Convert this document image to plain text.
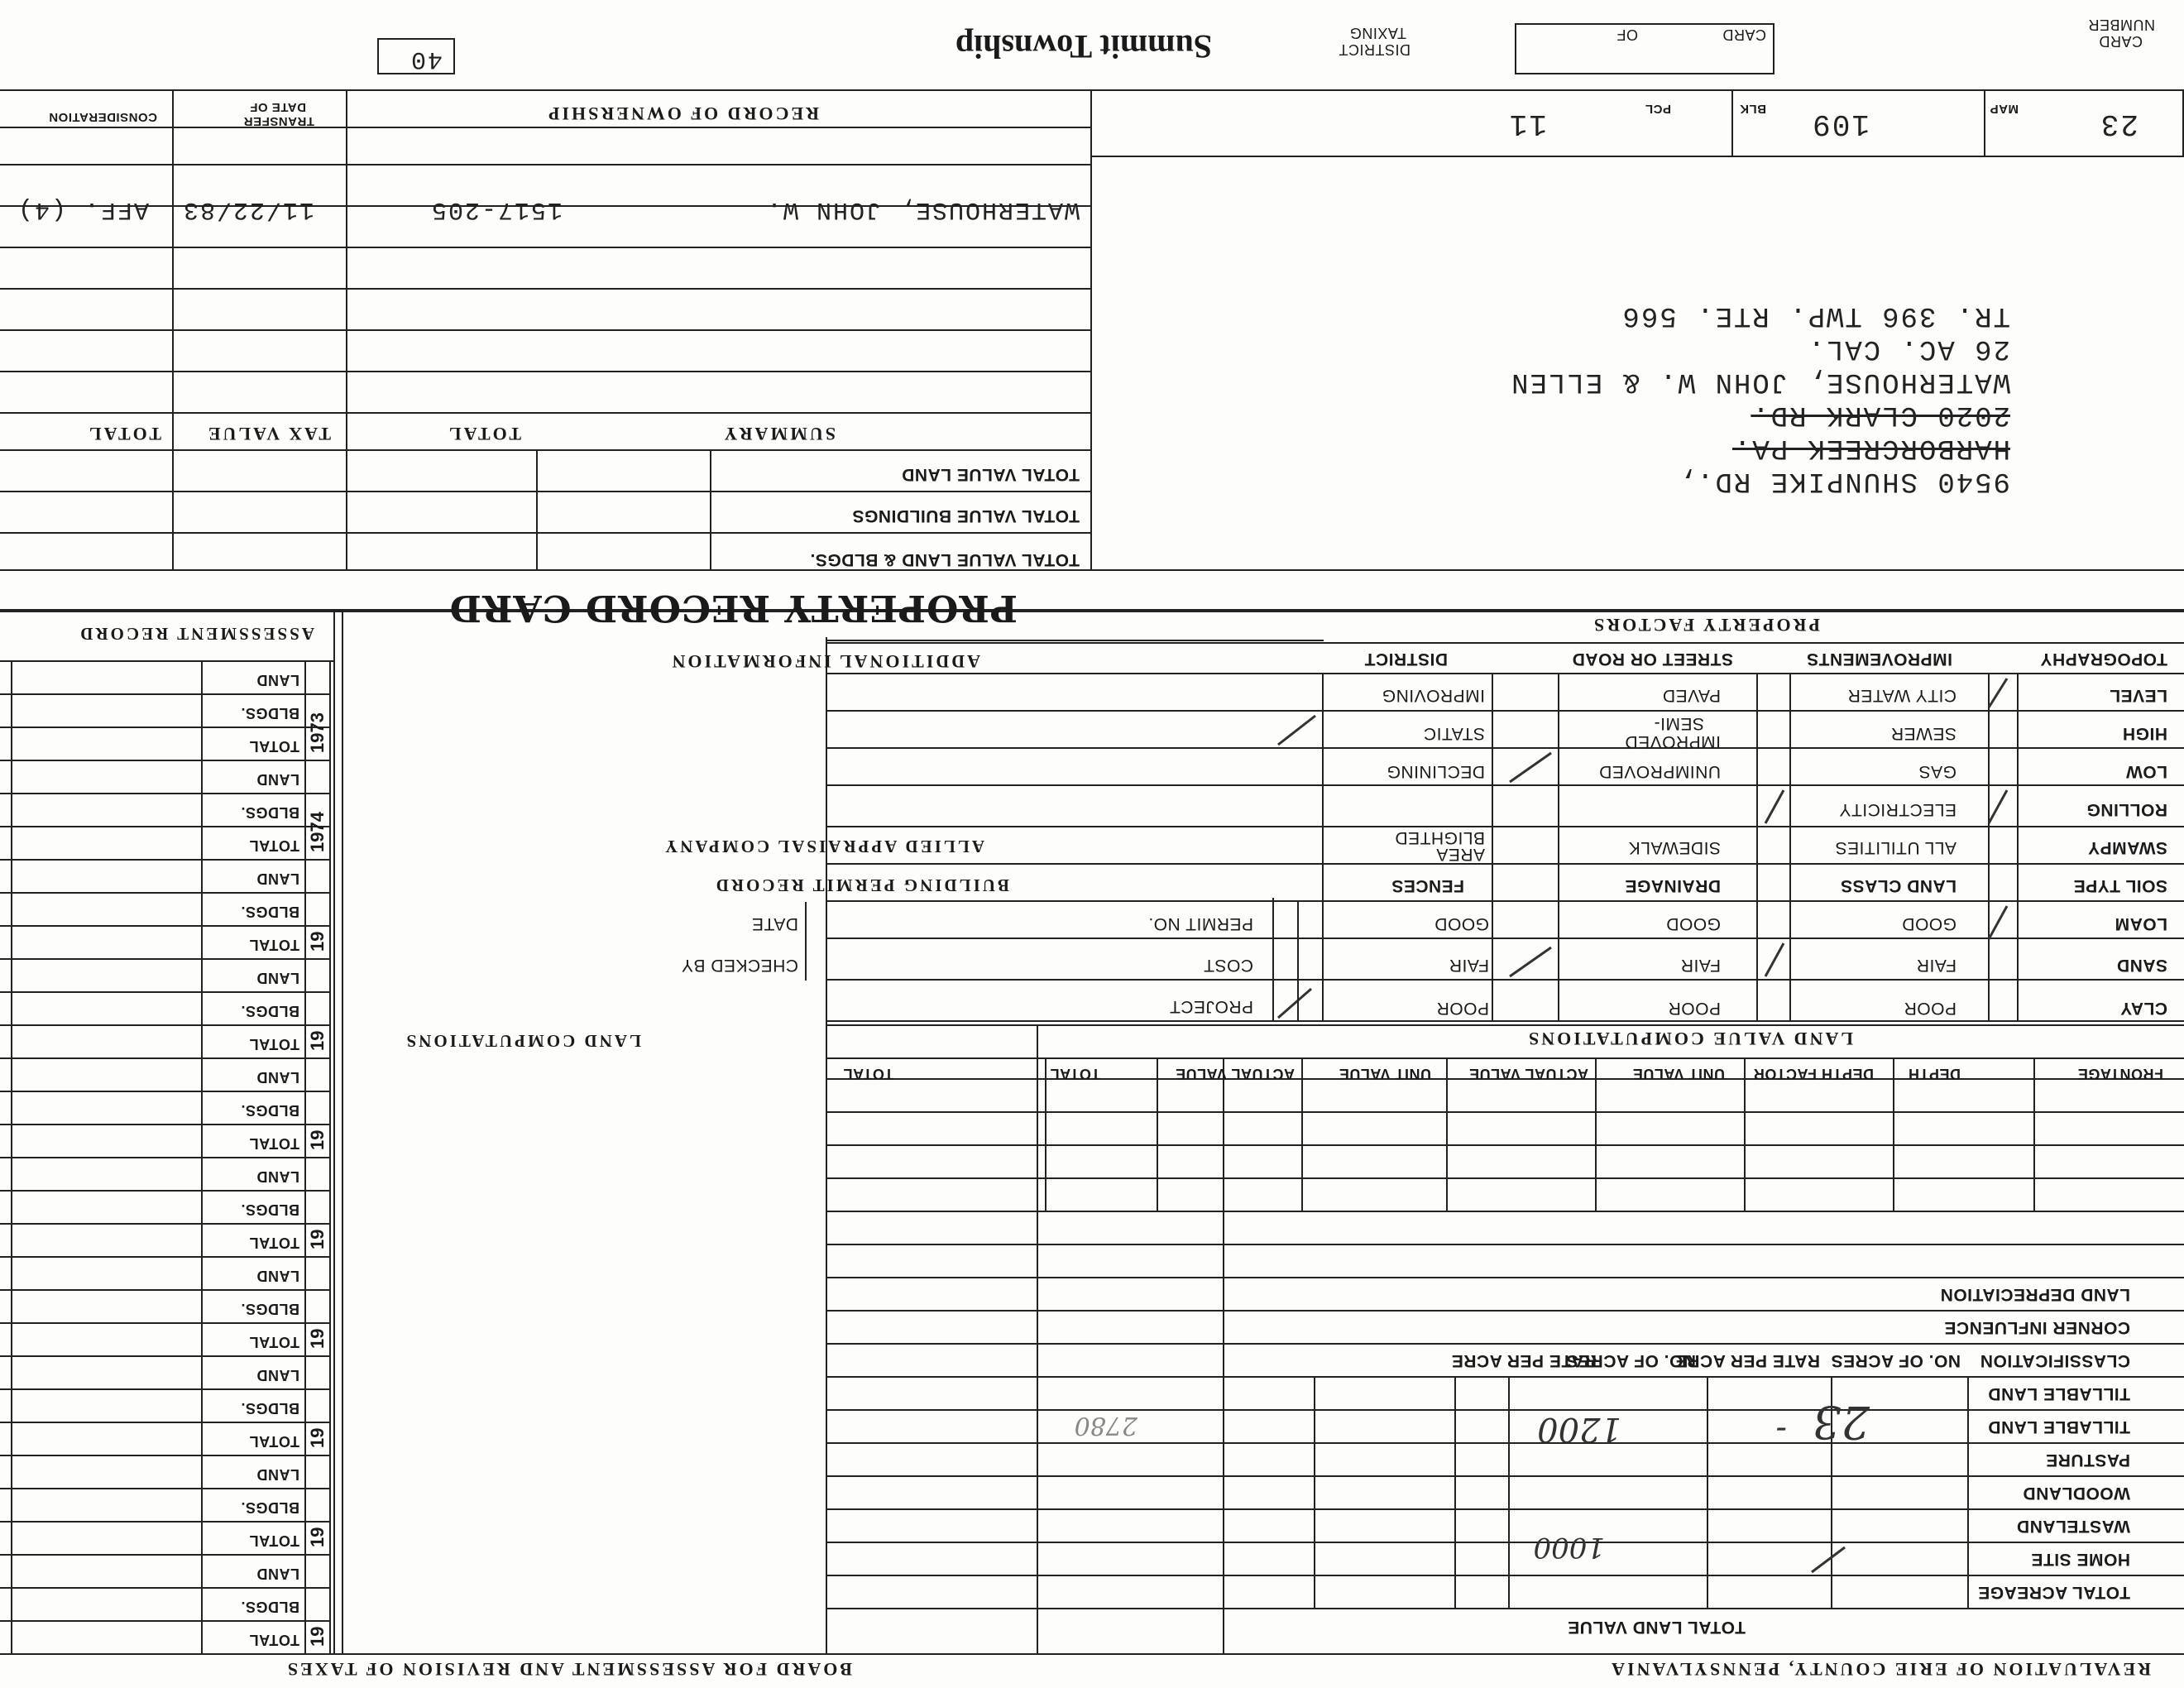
REVALUATION OF ERIE COUNTY, PENNSYLVANIA
BOARD FOR ASSESSMENT AND REVISION OF TAXES
TOTAL LAND VALUE
TOTAL ACREAGE
HOME SITE
WASTELAND
WOODLAND
PASTURE
TILLABLE LAND
TILLABLE LAND
CLASSIFICATION
NO. OF ACRES
RATE PER ACRE
NO. OF ACRES
RATE PER ACRE
CORNER INFLUENCE
LAND DEPRECIATION
23
-
1200
1000
2780
FRONTAGE
DEPTH
DEPTH FACTOR
UNIT VALUE
ACTUAL VALUE
UNIT VALUE
ACTUAL VALUE
TOTAL
TOTAL
LAND VALUE COMPUTATIONS
LAND COMPUTATIONS
CLAY
SAND
LOAM
SOIL TYPE
LAND CLASS
DRAINAGE
FENCES
POOR
FAIR
GOOD
POOR
FAIR
GOOD
POOR
FAIR
GOOD
SWAMPY
ROLLING
LOW
HIGH
LEVEL
TOPOGRAPHY
ALL UTILITIES
ELECTRICITY
GAS
SEWER
CITY WATER
IMPROVEMENTS
SIDEWALK
UNIMPROVED
IMPROVED
SEMI-
PAVED
STREET OR ROAD
AREA
BLIGHTED
DECLINING
STATIC
IMPROVING
DISTRICT
PROPERTY FACTORS
PROJECT
COST
PERMIT NO.
CHECKED BY
DATE
BUILDING PERMIT RECORD
ALLIED APPRAISAL COMPANY
ADDITIONAL INFORMATION
PROPERTY RECORD CARD
TOTAL
BLDGS.
LAND
TOTAL
BLDGS.
LAND
TOTAL
BLDGS.
LAND
TOTAL
BLDGS.
LAND
TOTAL
BLDGS.
LAND
TOTAL
BLDGS.
LAND
TOTAL
BLDGS.
LAND
TOTAL
BLDGS.
LAND
TOTAL
BLDGS.
LAND
TOTAL
BLDGS.
LAND
19
19
19
19
19
19
19
19
1974
1973
ASSESSMENT RECORD
TOTAL VALUE LAND & BLDGS.
TOTAL VALUE BUILDINGS
TOTAL VALUE LAND
SUMMARY
TOTAL
TAX VALUE
TOTAL
9540 SHUNPIKE RD.,
HARBORCREEK PA.
2020 CLARK RD.
WATERHOUSE, JOHN W. & ELLEN
26 AC. CAL.
TR. 396 TWP. RTE. 566
WATERHOUSE, JOHN W.
1517-205
11/22/83
AFF. (4)
RECORD OF OWNERSHIP
TRANSFER
DATE OF
CONSIDERATION
MAP	23
BLK 109
PCL
11
CARD
NUMBER
CARD
OF
TAXING
DISTRICT
Summit Township
40
